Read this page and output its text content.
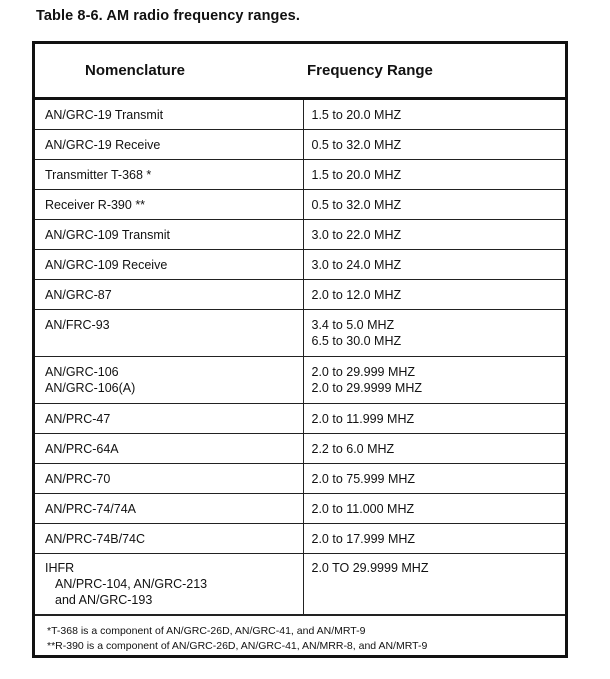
Table 8-6. AM radio frequency ranges.
Nomenclature	Frequency Range

AN/GRC-19 Transmit	1.5 to 20.0 MHZ

AN/GRC-19 Receive	0.5 to 32.0 MHZ

Transmitter T-368 *	1.5 to 20.0 MHZ

Receiver R-390 **	0.5 to 32.0 MHZ

AN/GRC-109 Transmit	3.0 to 22.0 MHZ

AN/GRC-109 Receive	3.0 to 24.0 MHZ

AN/GRC-87	2.0 to 12.0 MHZ

AN/FRC-93	3.4 to 5.0 MHZ
6.5 to 30.0 MHZ

AN/GRC-106
AN/GRC-106(A)	2.0 to 29.999 MHZ
2.0 to 29.9999 MHZ

AN/PRC-47	2.0 to 11.999 MHZ

AN/PRC-64A	2.2 to 6.0 MHZ

AN/PRC-70	2.0 to 75.999 MHZ

AN/PRC-74/74A	2.0 to 11.000 MHZ

AN/PRC-74B/74C	2.0 to 17.999 MHZ

IHFR
AN/PRC-104, AN/GRC-213
and AN/GRC-193	2.0 TO 29.9999 MHZ
*T-368 is a component of AN/GRC-26D, AN/GRC-41, and AN/MRT-9
**R-390 is a component of AN/GRC-26D, AN/GRC-41, AN/MRR-8, and AN/MRT-9
